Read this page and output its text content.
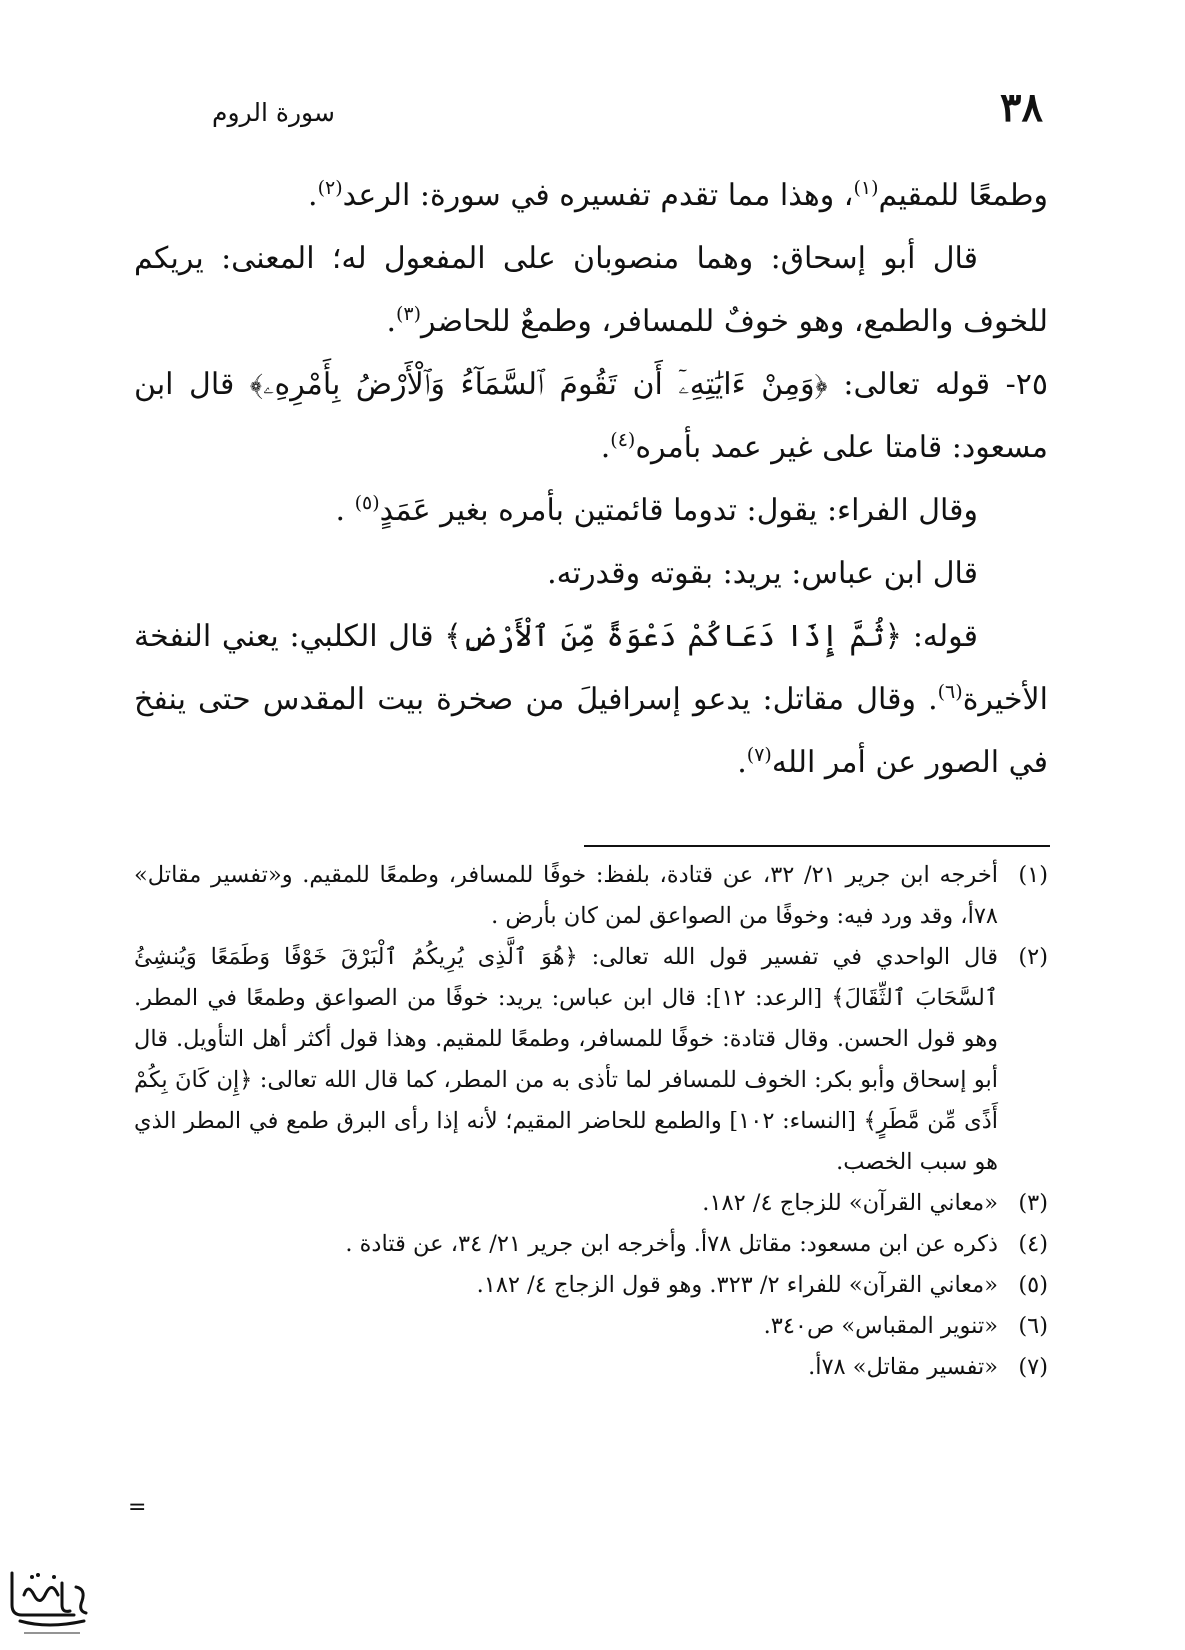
٣٨
سورة الروم

وطمعًا للمقيم$^{(١)}$، وهذا مما تقدم تفسيره في سورة: الرعد$^{(٢)}$.

قال أبو إسحاق: وهما منصوبان على المفعول له؛ المعنى: يريكم للخوف والطمع، وهو خوفٌ للمسافر، وطمعٌ للحاضر$^{(٣)}$.

٢٥- قوله تعالى: ﴿وَمِنْ ءَايَٰتِهِۦٓ أَن تَقُومَ ٱلسَّمَآءُ وَٱلْأَرْضُ بِأَمْرِهِۦ﴾ قال ابن مسعود: قامتا على غير عمد بأمره$^{(٤)}$.

وقال الفراء: يقول: تدوما قائمتين بأمره بغير عَمَدٍ$^{(٥)}$ .

قال ابن عباس: يريد: بقوته وقدرته.

قوله: ﴿ثُمَّ إِذَا دَعَاكُمْ دَعْوَةً مِّنَ ٱلْأَرْضِ﴾ قال الكلبي: يعني النفخة الأخيرة$^{(٦)}$. وقال مقاتل: يدعو إسرافيلَ من صخرة بيت المقدس حتى ينفخ في الصور عن أمر الله$^{(٧)}$.

(١)
أخرجه ابن جرير ٢١/ ٣٢، عن قتادة، بلفظ: خوفًا للمسافر، وطمعًا للمقيم. و«تفسير مقاتل» ٧٨أ، وقد ورد فيه: وخوفًا من الصواعق لمن كان بأرض .
(٢)
قال الواحدي في تفسير قول الله تعالى: ﴿هُوَ ٱلَّذِى يُرِيكُمُ ٱلْبَرْقَ خَوْفًا وَطَمَعًا وَيُنشِئُ ٱلسَّحَابَ ٱلثِّقَالَ﴾ [الرعد: ١٢]: قال ابن عباس: يريد: خوفًا من الصواعق وطمعًا في المطر. وهو قول الحسن. وقال قتادة: خوفًا للمسافر، وطمعًا للمقيم. وهذا قول أكثر أهل التأويل. قال أبو إسحاق وأبو بكر: الخوف للمسافر لما تأذى به من المطر، كما قال الله تعالى: ﴿إِن كَانَ بِكُمْ أَذًى مِّن مَّطَرٍ﴾ [النساء: ١٠٢] والطمع للحاضر المقيم؛ لأنه إذا رأى البرق طمع في المطر الذي هو سبب الخصب.
(٣)
«معاني القرآن» للزجاج ٤/ ١٨٢.
(٤)
ذكره عن ابن مسعود: مقاتل ٧٨أ. وأخرجه ابن جرير ٢١/ ٣٤، عن قتادة .
(٥)
«معاني القرآن» للفراء ٢/ ٣٢٣. وهو قول الزجاج ٤/ ١٨٢.
(٦)
«تنوير المقباس» ص٣٤٠.
(٧)
«تفسير مقاتل» ٧٨أ.
=
